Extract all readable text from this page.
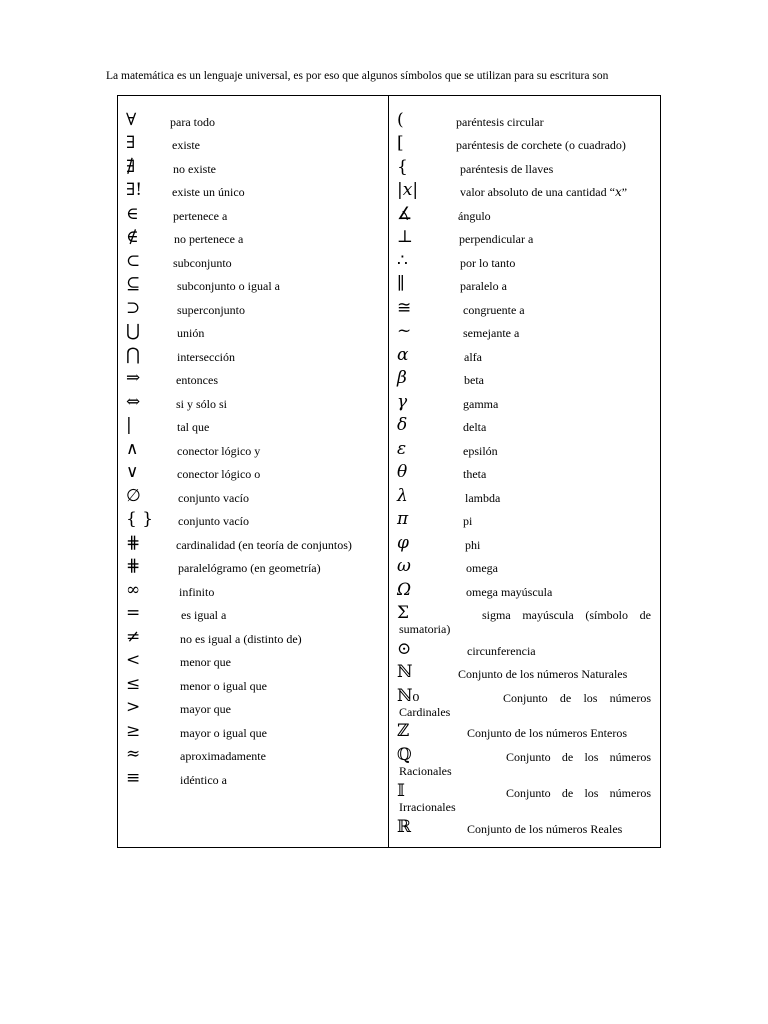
La matemática es un lenguaje universal, es por eso que algunos símbolos que se utilizan para su escritura son
∀	para todo
∃	existe
∄	no existe
∃! existe un único
∈	pertenece a
∉	no pertenece a
⊂	subconjunto
⊆	subconjunto o igual a
⊃	superconjunto
⋃	unión
⋂	intersección
⇒	entonces
⇔	si y sólo si
|	tal que
∧	conector lógico y
∨	conector lógico o
∅	conjunto vacío
{ } conjunto vacío
⋕	cardinalidad (en teoría de conjuntos)
⋕	paralelógramo (en geometría)
∞	infinito
=	es igual a
≠	no es igual a (distinto de)
<	menor que
≤	menor o igual que
>	mayor que
≥	mayor o igual que
≈	aproximadamente
≡	idéntico a
(	paréntesis circular
[	paréntesis de corchete (o cuadrado)
{	paréntesis de llaves
|𝑥|	valor absoluto de una cantidad “𝑥”
∡	ángulo
⊥	perpendicular a
∴	por lo tanto
∥	paralelo a
≅	congruente a
~	semejante a
α	alfa
β	beta
γ	gamma
δ	delta
ε	epsilón
θ	theta
λ	lambda
π	pi
φ	phi
ω	omega
Ω	omega mayúscula
Σ	sigma mayúscula (símbolo de sumatoria)
⊙	circunferencia
ℕ	Conjunto de los números Naturales
ℕ₀	Conjunto de los números Cardinales
ℤ	Conjunto de los números Enteros
ℚ	Conjunto de los números Racionales
𝕀	Conjunto de los números Irracionales
ℝ	Conjunto de los números Reales
